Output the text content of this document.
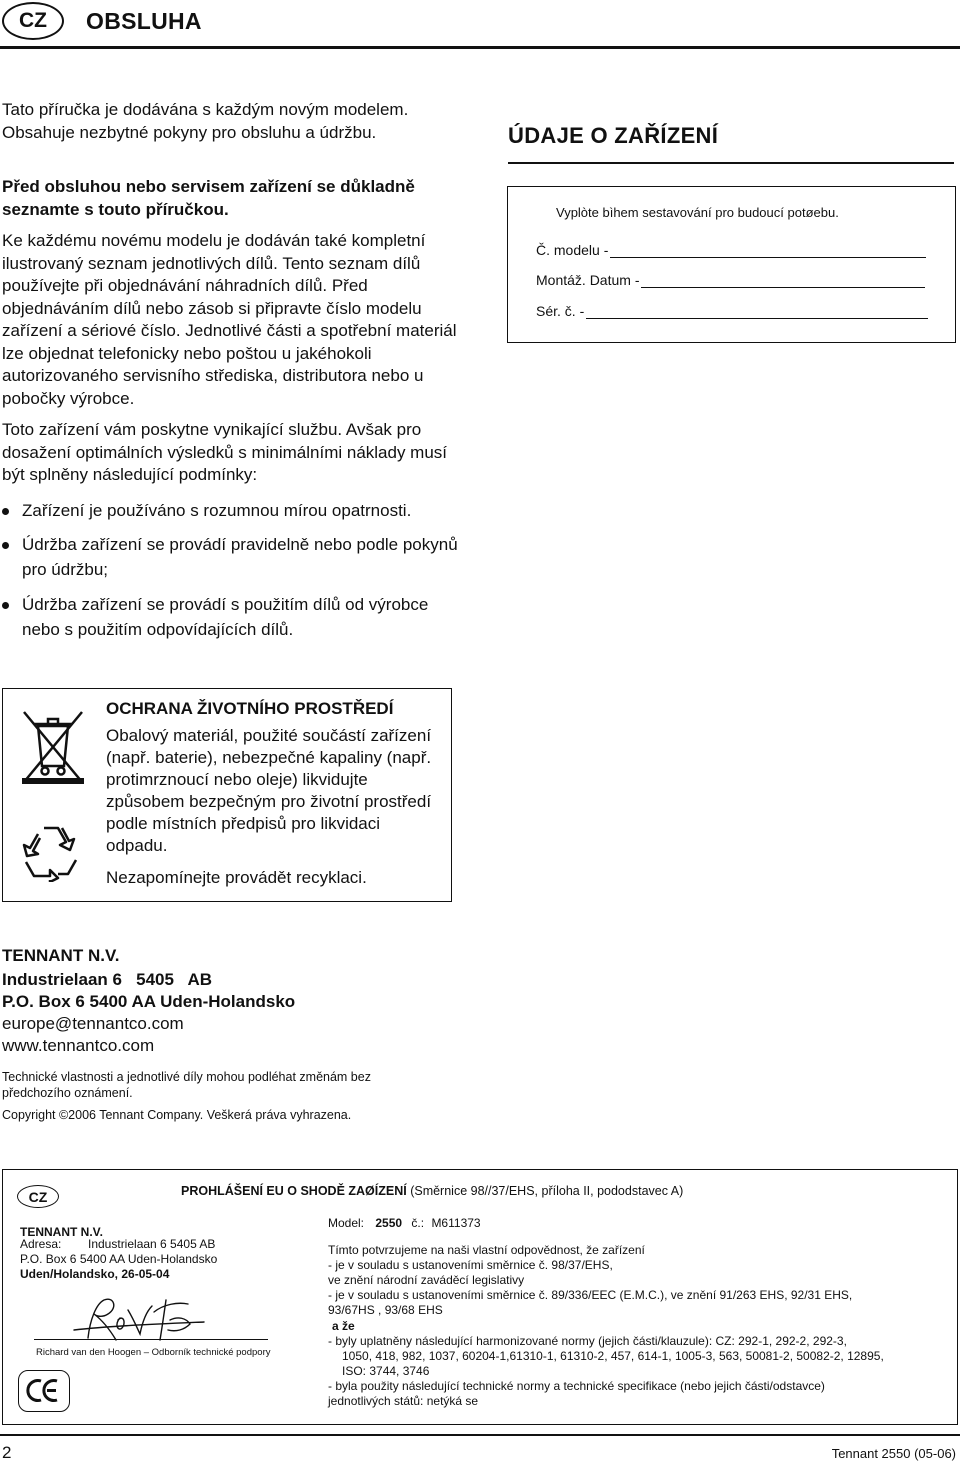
CZ	OBSLUHA

Tato příručka je dodávána s každým novým modelem. Obsahuje nezbytné pokyny pro obsluhu a údržbu.

Před obsluhou nebo servisem zařízení se důkladně seznamte s touto příručkou.

Ke každému novému modelu je dodáván také kompletní ilustrovaný seznam jednotlivých dílů. Tento seznam dílů používejte při objednávání náhradních dílů. Před objednáváním dílů nebo zásob si připravte číslo modelu zařízení a sériové číslo. Jednotlivé části a spotřební materiál lze objednat telefonicky nebo poštou u jakéhokoli autorizovaného servisního střediska, distributora nebo u pobočky výrobce.

Toto zařízení vám poskytne vynikající službu. Avšak pro dosažení optimálních výsledků s minimálními náklady musí být splněny následující podmínky:

Zařízení je používáno s rozumnou mírou opatrnosti.
Údržba zařízení se provádí pravidelně nebo podle pokynů pro údržbu;
Údržba zařízení se provádí s použitím dílů od výrobce nebo s použitím odpovídajících dílů.
ÚDAJE O ZAŘÍZENÍ
Vyplòte bìhem sestavování pro budoucí potøebu.
Č. modelu -
Montáž. Datum -
Sér. č. -
OCHRANA ŽIVOTNÍHO PROSTŘEDÍ
Obalový materiál, použité součástí zařízení (např. baterie), nebezpečné kapaliny (např. protimrznoucí nebo oleje) likvidujte způsobem bezpečným pro životní prostředí podle místních předpisů pro likvidaci odpadu.
Nezapomínejte provádět recyklaci.
TENNANT N.V.
Industrielaan 6   5405   AB
P.O. Box 6 5400 AA Uden-Holandsko
europe@tennantco.com
www.tennantco.com
Technické vlastnosti a jednotlivé díly mohou podléhat změnám bez předchozího oznámení.
Copyright ©2006 Tennant Company. Veškerá práva vyhrazena.
CZ	PROHLÁŠENÍ EU O SHODĚ ZAØÍZENÍ (Směrnice 98//37/EHS, příloha II, pododstavec A)
TENNANT N.V.
Adresa: Industrielaan 6 5405 AB
P.O. Box 6 5400 AA Uden-Holandsko
Uden/Holandsko, 26-05-04
Richard van den Hoogen – Odborník technické podpory
Model: 2550 č.: M611373
Tímto potvrzujeme na naši vlastní odpovědnost, že zařízení
- je v souladu s ustanoveními směrnice č. 98/37/EHS,
ve znění národní zaváděcí legislativy
- je v souladu s ustanoveními směrnice č. 89/336/EEC (E.M.C.), ve znění 91/263 EHS, 92/31 EHS,
93/67HS , 93/68 EHS
a že
- byly uplatněny následující harmonizované normy (jejich části/klauzule): CZ: 292-1, 292-2, 292-3,
1050, 418, 982, 1037, 60204-1,61310-1, 61310-2, 457, 614-1, 1005-3, 563, 50081-2, 50082-2, 12895,
ISO: 3744, 3746
- byla použity následující technické normy a technické specifikace (nebo jejich části/odstavce)
jednotlivých států: netýká se
2	Tennant 2550 (05-06)
